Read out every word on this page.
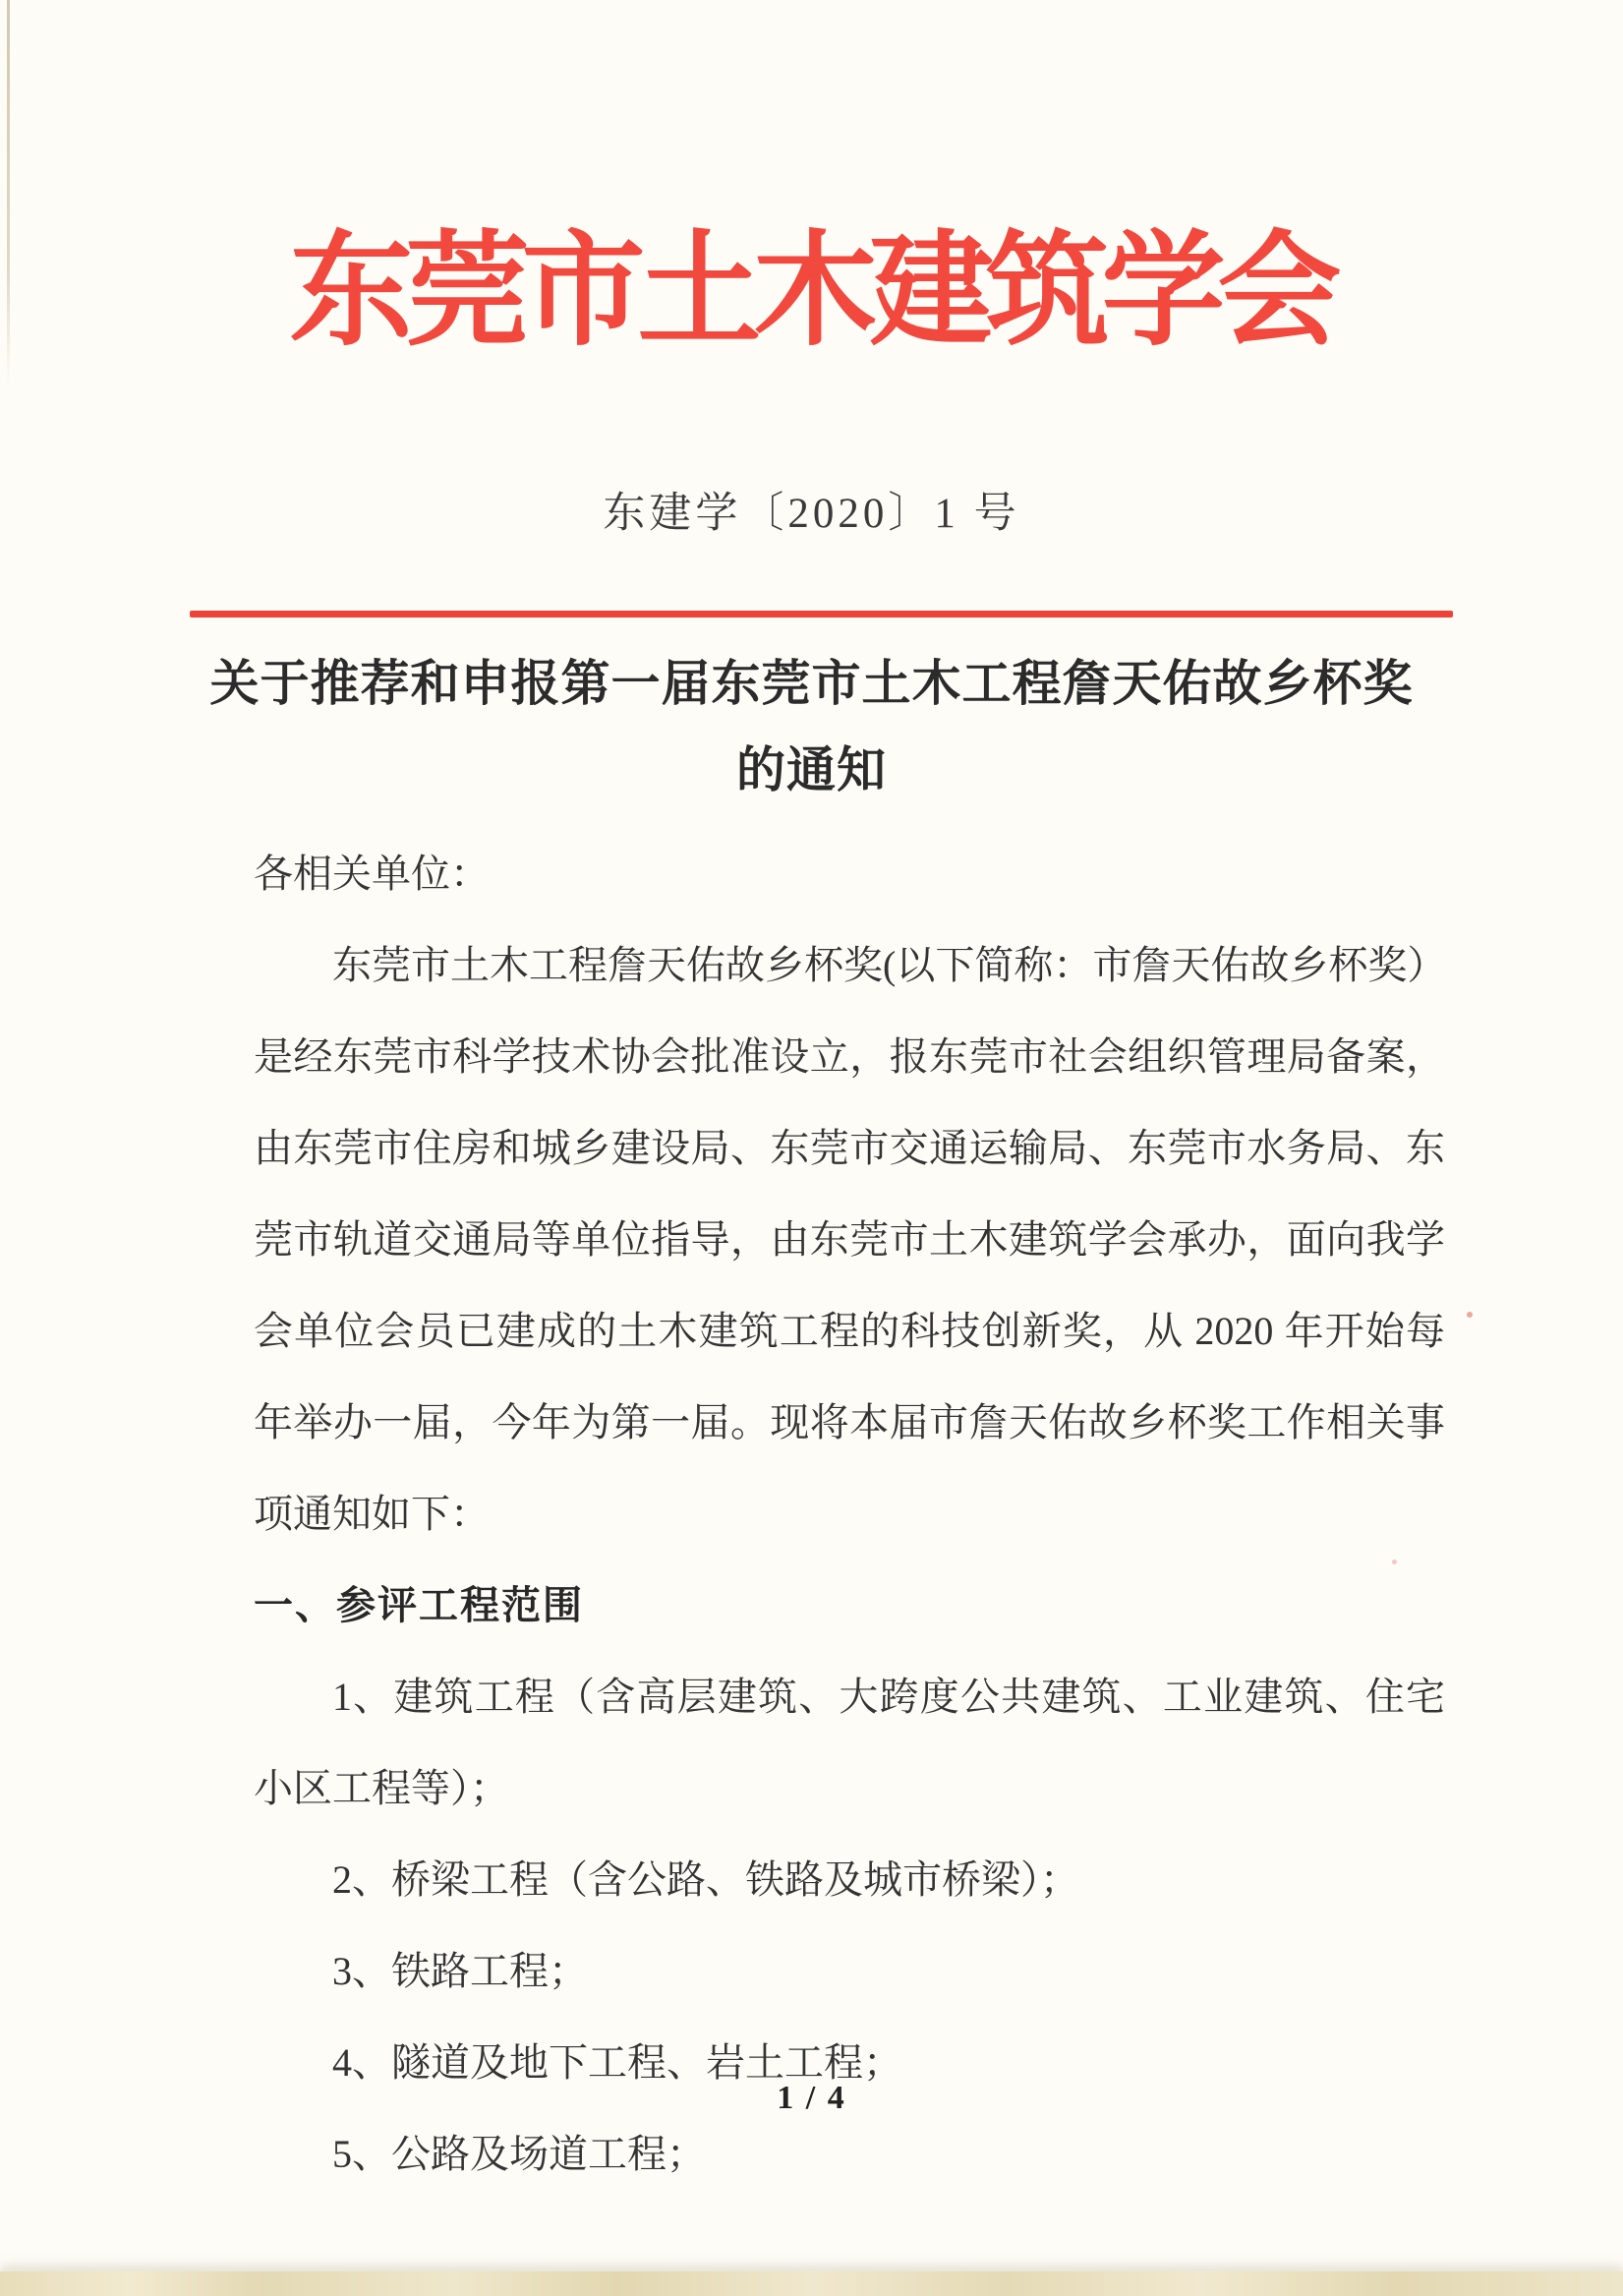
东莞市土木建筑学会
东建学〔2020〕1 号
关于推荐和申报第一届东莞市土木工程詹天佑故乡杯奖
的通知
各相关单位：
东莞市土木工程詹天佑故乡杯奖(以下简称：市詹天佑故乡杯奖）
是经东莞市科学技术协会批准设立，报东莞市社会组织管理局备案，
由东莞市住房和城乡建设局、东莞市交通运输局、东莞市水务局、东
莞市轨道交通局等单位指导，由东莞市土木建筑学会承办，面向我学
会单位会员已建成的土木建筑工程的科技创新奖，从 2020 年开始每
年举办一届，今年为第一届。现将本届市詹天佑故乡杯奖工作相关事
项通知如下：
一、参评工程范围
1、建筑工程（含高层建筑、大跨度公共建筑、工业建筑、住宅
小区工程等）；
2、桥梁工程（含公路、铁路及城市桥梁）；
3、铁路工程；
4、隧道及地下工程、岩土工程；
5、公路及场道工程；
1 / 4
